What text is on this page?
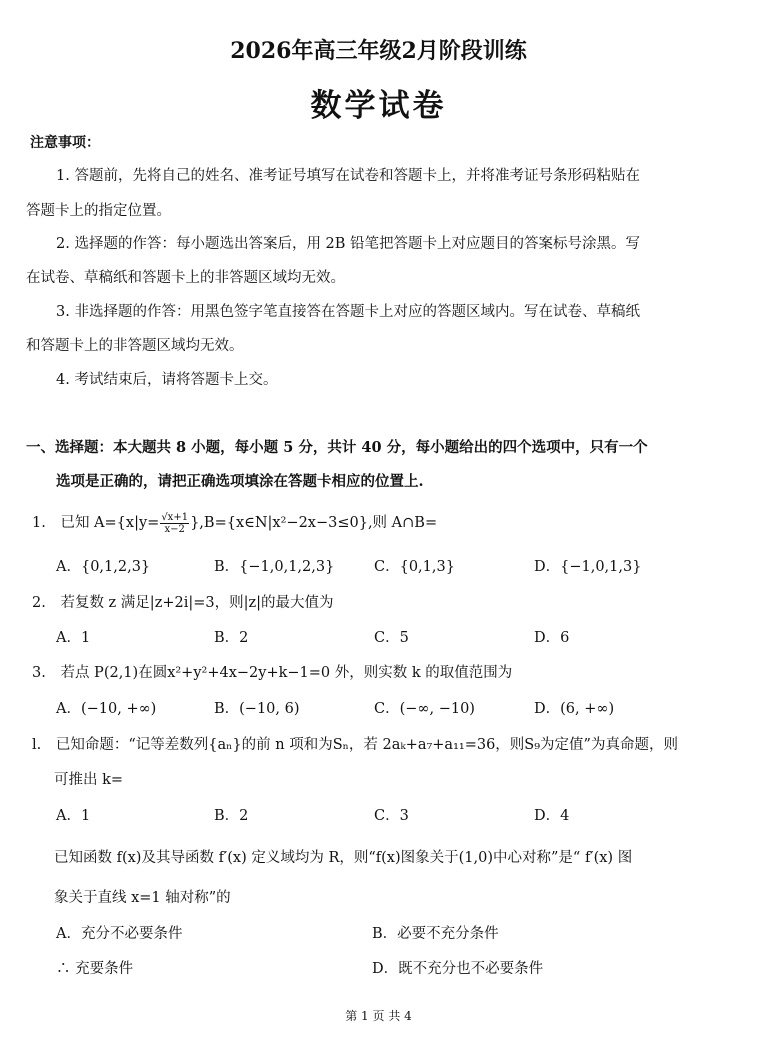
2026年高三年级2月阶段训练
数学试卷
注意事项：
1. 答题前，先将自己的姓名、准考证号填写在试卷和答题卡上，并将准考证号条形码粘贴在
答题卡上的指定位置。
2. 选择题的作答：每小题选出答案后，用 2B 铅笔把答题卡上对应题目的答案标号涂黑。写
在试卷、草稿纸和答题卡上的非答题区域均无效。
3. 非选择题的作答：用黑色签字笔直接答在答题卡上对应的答题区域内。写在试卷、草稿纸
和答题卡上的非答题区域均无效。
4. 考试结束后，请将答题卡上交。
一、选择题：本大题共 8 小题，每小题 5 分，共计 40 分，每小题给出的四个选项中，只有一个
选项是正确的，请把正确选项填涂在答题卡相应的位置上.
1. 已知 $A=\{x|y= \frac{√x+1}{x-2}$ },B={x∈N|x²−2x−3≤0},则 A∩B=
A．{0,1,2,3}	B．{−1,0,1,2,3}	C．{0,1,3}	D．{−1,0,1,3}
2. 若复数 z 满足|z+2i|=3，则|z|的最大值为
A．1	B．2	C．5	D．6
3. 若点 P(2,1)在圆x²+y²+4x−2y+k−1=0 外，则实数 k 的取值范围为
A．(−10, +∞)	B．(−10, 6)	C．(−∞, −10)	D．(6, +∞)
l. 已知命题：“记等差数列{aₙ}的前 n 项和为Sₙ，若 2aₖ+a₇+a₁₁=36，则S₉为定值”为真命题，则
可推出 k=
A．1	B．2	C．3	D．4
已知函数 f(x)及其导函数 f′(x) 定义域均为 R，则“f(x)图象关于(1,0)中心对称”是“ f′(x) 图
象关于直线 x=1 轴对称”的
A．充分不必要条件	B．必要不充分条件
∴ 充要条件	D．既不充分也不必要条件
第 1 页 共 4
